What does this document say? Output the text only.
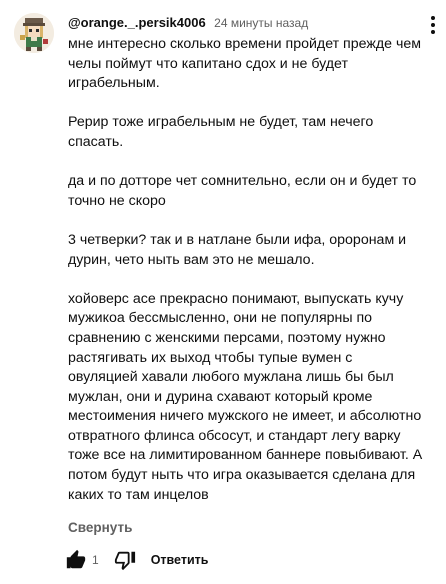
@orange._.persik4006 24 минуты назад

мне интересно сколько времени пройдет прежде чем челы поймут что капитано сдох и не будет играбельным.

Рерир тоже играбельным не будет, там нечего спасать.

да и по дотторе чет сомнительно, если он и будет то точно не скоро

3 четверки? так и в натлане были ифа, ороронам и дурин, чето ныть вам это не мешало.

хойоверс асе прекрасно понимают, выпускать кучу мужикоа бессмысленно, они не популярны по сравнению с женскими персами, поэтому нужно растягивать их выход чтобы тупые вумен с овуляцией хавали любого мужлана лишь бы был мужлан, они и дурина схавают который кроме местоимения ничего мужского не имеет, и абсолютно отвратного флинса обсосут, и стандарт легу варку тоже все на лимитированном баннере повыбивают. А потом будут ныть что игра оказывается сделана для каких то там инцелов

Свернуть
1	Ответить
